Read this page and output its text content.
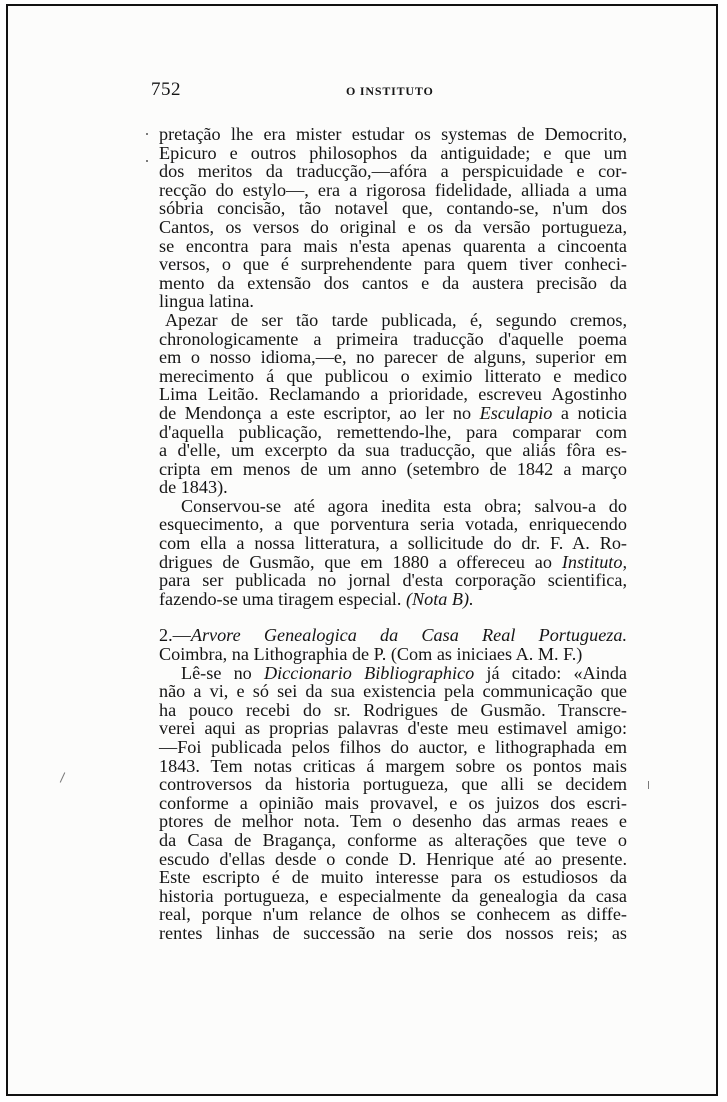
752	O INSTITUTO
pretação lhe era mister estudar os systemas de Democrito,
Epicuro e outros philosophos da antiguidade; e que um
dos meritos da traducção,—afóra a perspicuidade e cor-
recção do estylo—, era a rigorosa fidelidade, alliada a uma
sóbria concisão, tão notavel que, contando-se, n'um dos
Cantos, os versos do original e os da versão portugueza,
se encontra para mais n'esta apenas quarenta a cincoenta
versos, o que é surprehendente para quem tiver conheci-
mento da extensão dos cantos e da austera precisão da
lingua latina.
Apezar de ser tão tarde publicada, é, segundo cremos,
chronologicamente a primeira traducção d'aquelle poema
em o nosso idioma,—e, no parecer de alguns, superior em
merecimento á que publicou o eximio litterato e medico
Lima Leitão. Reclamando a prioridade, escreveu Agostinho
de Mendonça a este escriptor, ao ler no Esculapio a noticia
d'aquella publicação, remettendo-lhe, para comparar com
a d'elle, um excerpto da sua traducção, que aliás fôra es-
cripta em menos de um anno (setembro de 1842 a março
de 1843).
Conservou-se até agora inedita esta obra; salvou-a do
esquecimento, a que porventura seria votada, enriquecendo
com ella a nossa litteratura, a sollicitude do dr. F. A. Ro-
drigues de Gusmão, que em 1880 a offereceu ao Instituto,
para ser publicada no jornal d'esta corporação scientifica,
fazendo-se uma tiragem especial. (Nota B).
2.—Arvore Genealogica da Casa Real Portugueza.
Coimbra, na Lithographia de P. (Com as iniciaes A. M. F.)
Lê-se no Diccionario Bibliographico já citado: «Ainda
não a vi, e só sei da sua existencia pela communicação que
ha pouco recebi do sr. Rodrigues de Gusmão. Transcre-
verei aqui as proprias palavras d'este meu estimavel amigo:
—Foi publicada pelos filhos do auctor, e lithographada em
1843. Tem notas criticas á margem sobre os pontos mais
controversos da historia portugueza, que alli se decidem
conforme a opinião mais provavel, e os juizos dos escri-
ptores de melhor nota. Tem o desenho das armas reaes e
da Casa de Bragança, conforme as alterações que teve o
escudo d'ellas desde o conde D. Henrique até ao presente.
Este escripto é de muito interesse para os estudiosos da
historia portugueza, e especialmente da genealogia da casa
real, porque n'um relance de olhos se conhecem as diffe-
rentes linhas de successão na serie dos nossos reis; as
